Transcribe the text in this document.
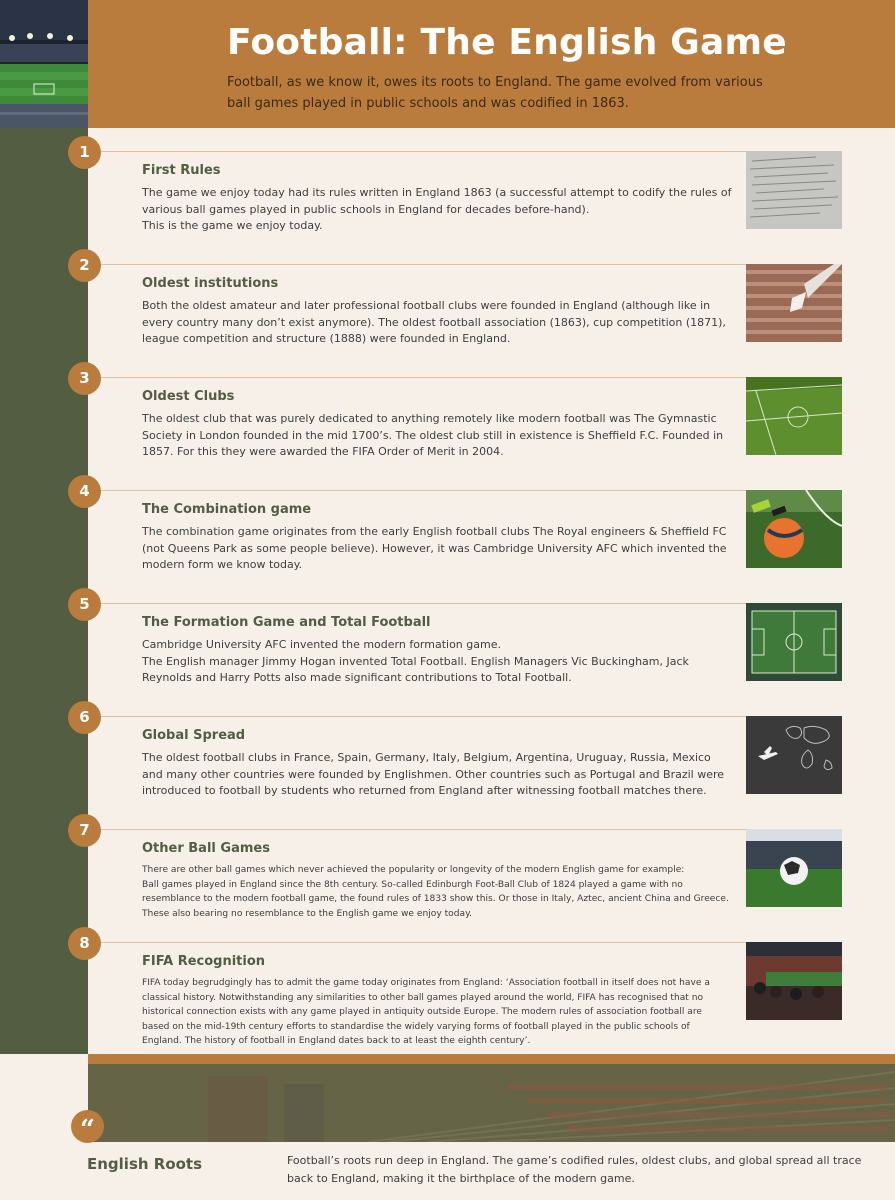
Football: The English Game
Football, as we know it, owes its roots to England. The game evolved from various ball games played in public schools and was codified in 1863.
1
First Rules
The game we enjoy today had its rules written in England 1863 (a successful attempt to codify the rules of various ball games played in public schools in England for decades before-hand).
This is the game we enjoy today.
2
Oldest institutions
Both the oldest amateur and later professional football clubs were founded in England (although like in every country many don’t exist anymore). The oldest football association (1863), cup competition (1871), league competition and structure (1888) were founded in England.
3
Oldest Clubs
The oldest club that was purely dedicated to anything remotely like modern football was The Gymnastic Society in London founded in the mid 1700’s. The oldest club still in existence is Sheffield F.C. Founded in 1857. For this they were awarded the FIFA Order of Merit in 2004.
4
The Combination game
The combination game originates from the early English football clubs The Royal engineers & Sheffield FC (not Queens Park as some people believe). However, it was Cambridge University AFC which invented the modern form we know today.
5
The Formation Game and Total Football
Cambridge University AFC invented the modern formation game.
The English manager Jimmy Hogan invented Total Football. English Managers Vic Buckingham, Jack Reynolds and Harry Potts also made significant contributions to Total Football.
6
Global Spread
The oldest football clubs in France, Spain, Germany, Italy, Belgium, Argentina, Uruguay, Russia, Mexico and many other countries were founded by Englishmen. Other countries such as Portugal and Brazil were introduced to football by students who returned from England after witnessing football matches there.
7
Other Ball Games
There are other ball games which never achieved the popularity or longevity of the modern English game for example:
Ball games played in England since the 8th century. So-called Edinburgh Foot-Ball Club of 1824 played a game with no resemblance to the modern football game, the found rules of 1833 show this. Or those in Italy, Aztec, ancient China and Greece. These also bearing no resemblance to the English game we enjoy today.
8
FIFA Recognition
FIFA today begrudgingly has to admit the game today originates from England: ‘Association football in itself does not have a classical history. Notwithstanding any similarities to other ball games played around the world, FIFA has recognised that no historical connection exists with any game played in antiquity outside Europe. The modern rules of association football are based on the mid-19th century efforts to standardise the widely varying forms of football played in the public schools of England. The history of football in England dates back to at least the eighth century’.
“
English Roots	Football’s roots run deep in England. The game’s codified rules, oldest clubs, and global spread all trace back to England, making it the birthplace of the modern game.
